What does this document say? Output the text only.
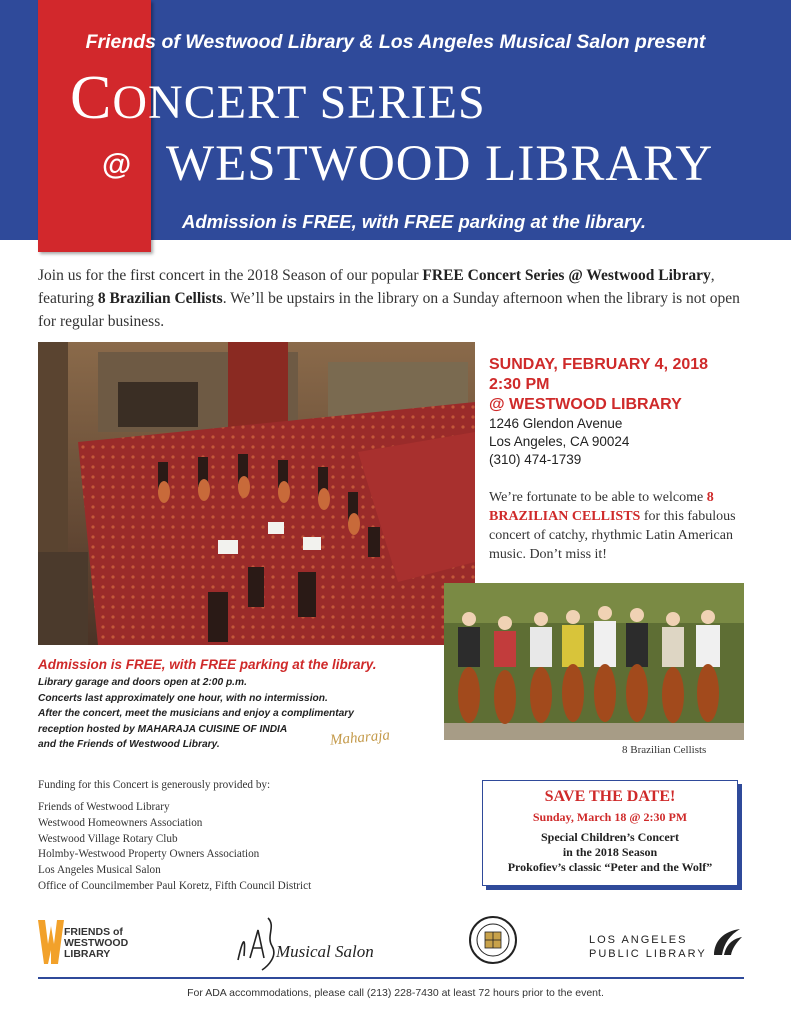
Friends of Westwood Library & Los Angeles Musical Salon present
CONCERT SERIES
@ WESTWOOD LIBRARY
Admission is FREE, with FREE parking at the library.

Join us for the first concert in the 2018 Season of our popular FREE Concert Series @ Westwood Library, featuring 8 Brazilian Cellists. We’ll be upstairs in the library on a Sunday afternoon when the library is not open for regular business.

SUNDAY, FEBRUARY 4, 2018
2:30 PM
@ WESTWOOD LIBRARY
1246 Glendon Avenue
Los Angeles, CA 90024
(310) 474-1739

We’re fortunate to be able to welcome 8 BRAZILIAN CELLISTS for this fabulous concert of catchy, rhythmic Latin American music. Don’t miss it!

8 Brazilian Cellists
Admission is FREE, with FREE parking at the library.
Library garage and doors open at 2:00 p.m.
Concerts last approximately one hour, with no intermission.
After the concert, meet the musicians and enjoy a complimentary
reception hosted by MAHARAJA CUISINE OF INDIA
and the Friends of Westwood Library.	Maharaja
Funding for this Concert is generously provided by:
Friends of Westwood Library
Westwood Homeowners Association
Westwood Village Rotary Club
Holmby-Westwood Property Owners Association
Los Angeles Musical Salon
Office of Councilmember Paul Koretz, Fifth Council District
SAVE THE DATE!
Sunday, March 18 @ 2:30 PM
Special Children’s Concert
in the 2018 Season
Prokofiev’s classic “Peter and the Wolf”
FRIENDS of
WESTWOOD
LIBRARY	Musical Salon
LOS ANGELES
PUBLIC LIBRARY
For ADA accommodations, please call (213) 228-7430 at least 72 hours prior to the event.
